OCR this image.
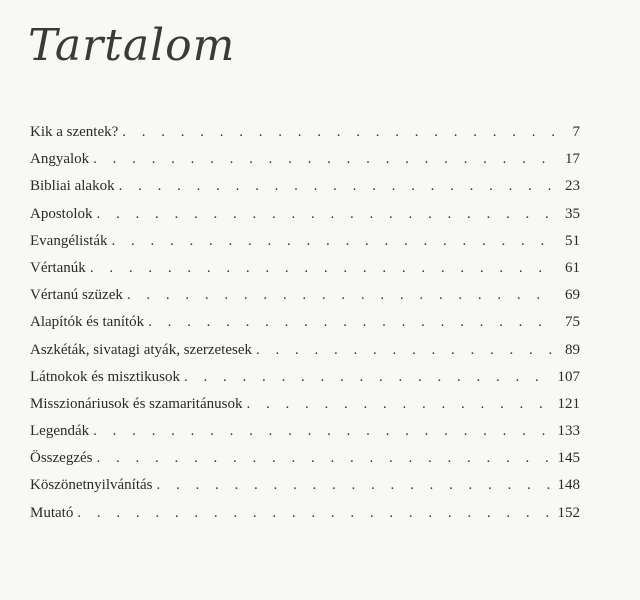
Tartalom
Kik a szentek? . . .	7
Angyalok . . .	17
Bibliai alakok . . .	23
Apostolok . . .	35
Evangélisták . . .	51
Vértanúk . . .	61
Vértanú szüzek . . .	69
Alapítók és tanítók . . .	75
Aszkéták, sivatagi atyák, szerzetesek . . .	89
Látnokok és misztikusok . . .	107
Misszionáriusok és szamaritánusok . . .	121
Legendák . . .	133
Összegzés . . .	145
Köszönetnyilvánítás . . .	148
Mutató . . .	152
